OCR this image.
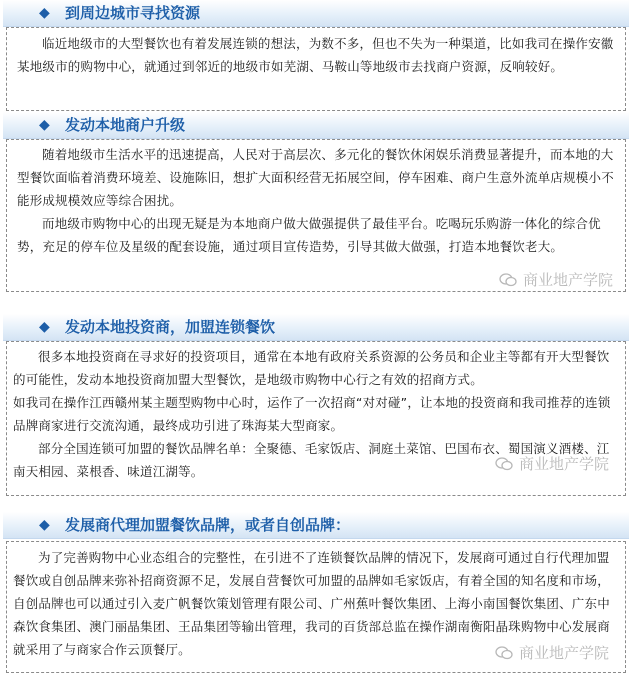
◆ 到周边城市寻找资源

临近地级市的大型餐饮也有着发展连锁的想法，为数不多，但也不失为一种渠道，比如我司在操作安徽某地级市的购物中心，就通过到邻近的地级市如芜湖、马鞍山等地级市去找商户资源，反响较好。

◆ 发动本地商户升级

随着地级市生活水平的迅速提高，人民对于高层次、多元化的餐饮休闲娱乐消费显著提升，而本地的大型餐饮面临着消费环境差、设施陈旧，想扩大面积经营无拓展空间，停车困难、商户生意外流单店规模小不能形成规模效应等综合困扰。

而地级市购物中心的出现无疑是为本地商户做大做强提供了最佳平台。吃喝玩乐购游一体化的综合优势，充足的停车位及星级的配套设施，通过项目宣传造势，引导其做大做强，打造本地餐饮老大。

商业地产学院
◆ 发动本地投资商，加盟连锁餐饮

很多本地投资商在寻求好的投资项目，通常在本地有政府关系资源的公务员和企业主等都有开大型餐饮的可能性，发动本地投资商加盟大型餐饮，是地级市购物中心行之有效的招商方式。

如我司在操作江西赣州某主题型购物中心时，运作了一次招商“对对碰”，让本地的投资商和我司推荐的连锁品牌商家进行交流沟通，最终成功引进了珠海某大型商家。

部分全国连锁可加盟的餐饮品牌名单：全聚德、毛家饭店、洞庭土菜馆、巴国布衣、蜀国演义酒楼、江南天相园、菜根香、味道江湖等。	商业地产学院
◆ 发展商代理加盟餐饮品牌，或者自创品牌：

为了完善购物中心业态组合的完整性，在引进不了连锁餐饮品牌的情况下，发展商可通过自行代理加盟餐饮或自创品牌来弥补招商资源不足，发展自营餐饮可加盟的品牌如毛家饭店，有着全国的知名度和市场，自创品牌也可以通过引入麦广帆餐饮策划管理有限公司、广州蕉叶餐饮集团、上海小南国餐饮集团、广东中森饮食集团、澳门丽晶集团、王品集团等输出管理，我司的百货部总监在操作湖南衡阳晶珠购物中心发展商就采用了与商家合作云顶餐厅。	商业地产学院
